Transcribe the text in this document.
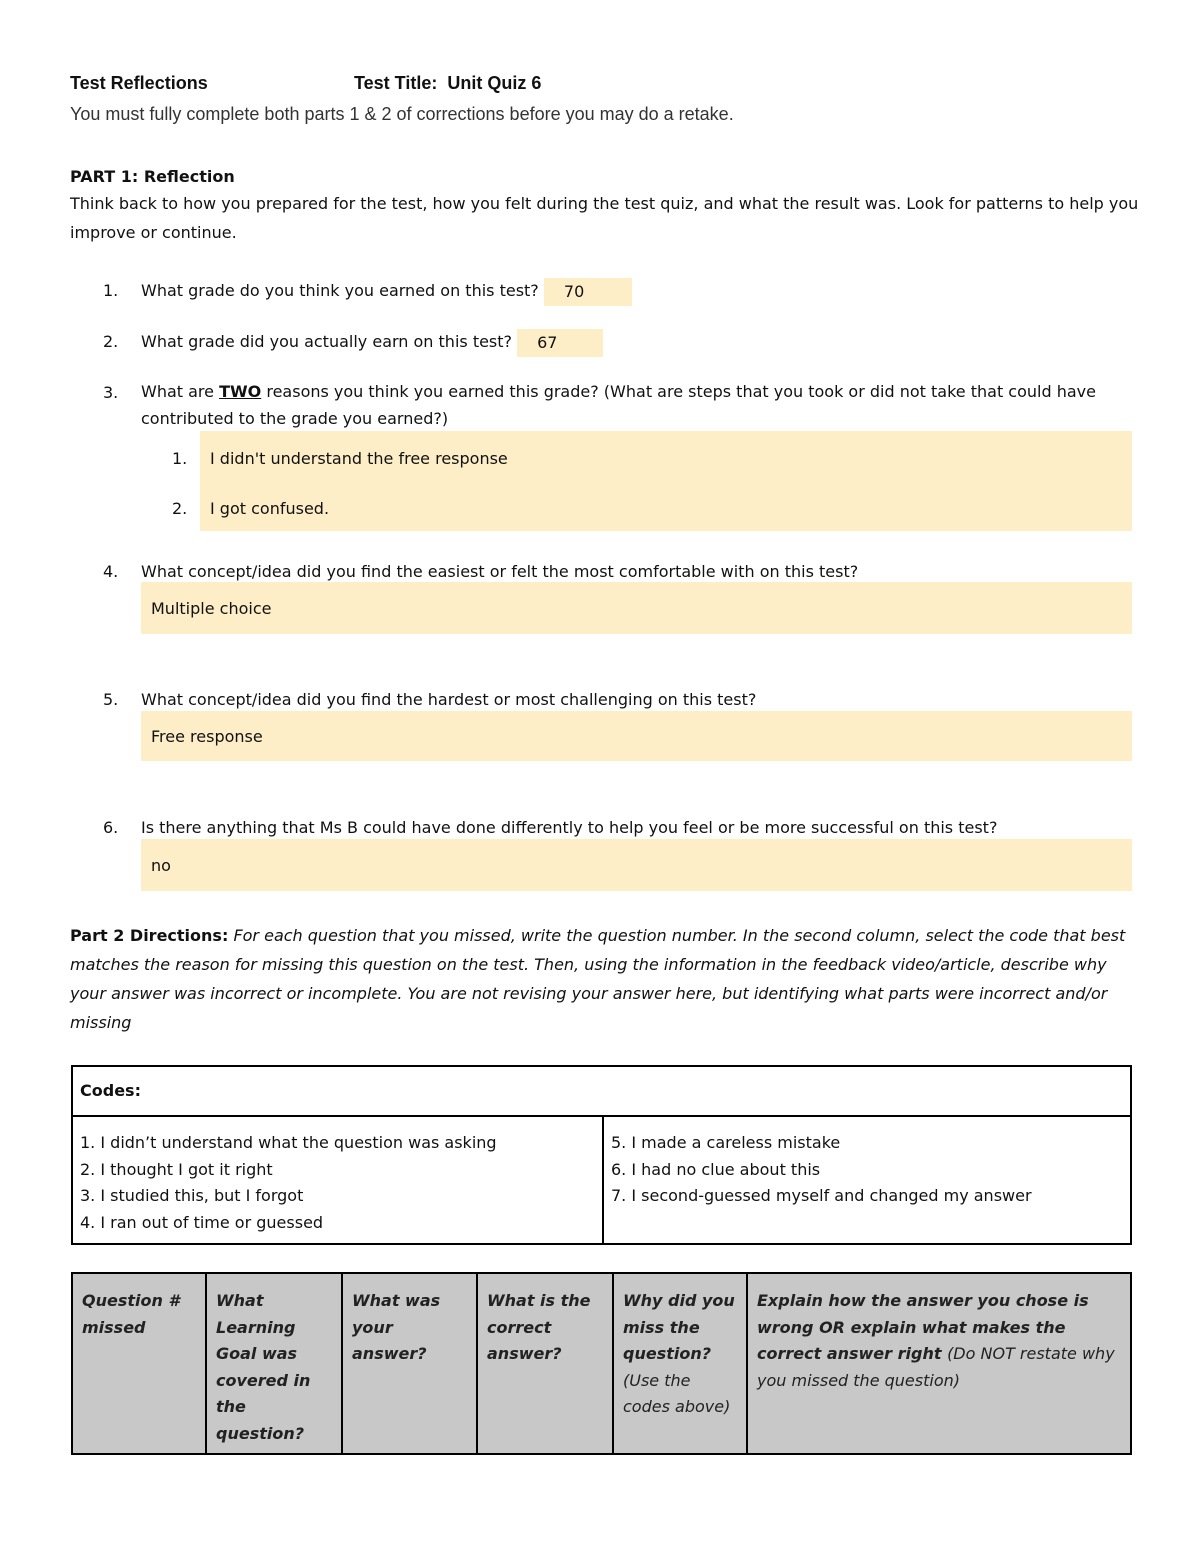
Test Reflections	Test Title: Unit Quiz 6
You must fully complete both parts 1 & 2 of corrections before you may do a retake.
PART 1: Reflection
Think back to how you prepared for the test, how you felt during the test quiz, and what the result was. Look for patterns to help you improve or continue.
1. What grade do you think you earned on this test? 70
2. What grade did you actually earn on this test? 67
3. What are TWO reasons you think you earned this grade? (What are steps that you took or did not take that could have contributed to the grade you earned?)
1.
2.
I didn't understand the free response
I got confused.
4. What concept/idea did you find the easiest or felt the most comfortable with on this test?
Multiple choice
5. What concept/idea did you find the hardest or most challenging on this test?
Free response
6. Is there anything that Ms B could have done differently to help you feel or be more successful on this test?
no
Part 2 Directions: For each question that you missed, write the question number. In the second column, select the code that best matches the reason for missing this question on the test. Then, using the information in the feedback video/article, describe why your answer was incorrect or incomplete. You are not revising your answer here, but identifying what parts were incorrect and/or missing
Codes:

1. I didn’t understand what the question was asking
2. I thought I got it right
3. I studied this, but I forgot
4. I ran out of time or guessed

5. I made a careless mistake
6. I had no clue about this
7. I second-guessed myself and changed my answer
Question # missed	What Learning Goal was covered in the question?	What was your answer?	What is the correct answer?	Why did you miss the question? (Use the codes above)	Explain how the answer you chose is wrong OR explain what makes the correct answer right (Do NOT restate why you missed the question)
